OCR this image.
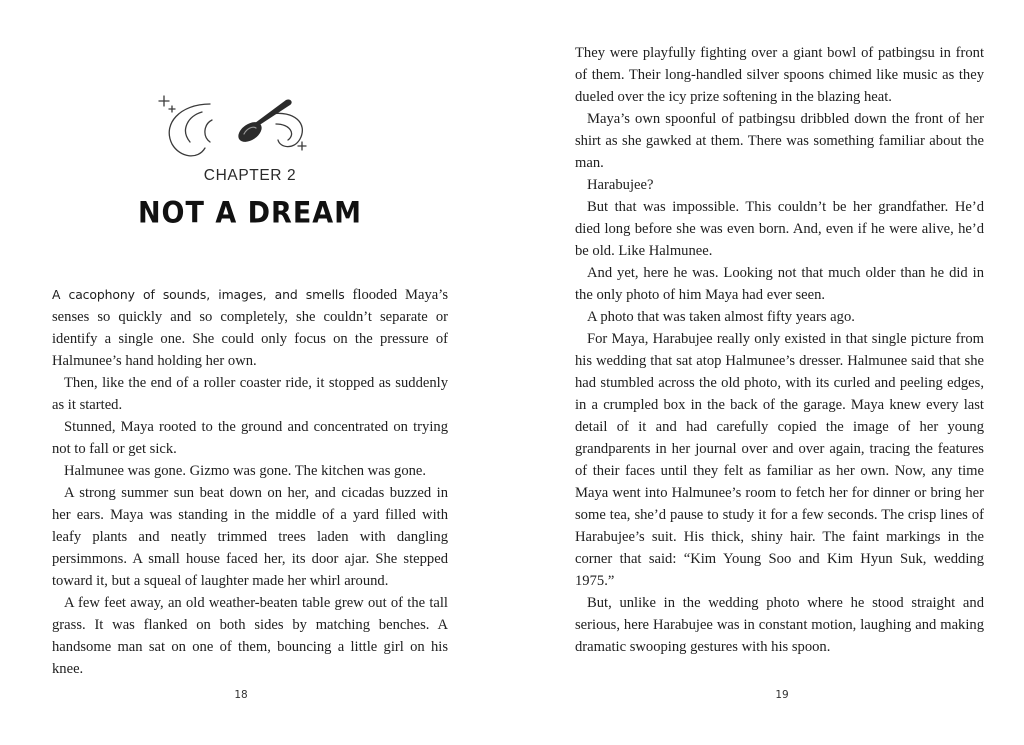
CHAPTER 2
NOT A DREAM

A cacophony of sounds, images, and smells flooded Maya’s senses so quickly and so completely, she couldn’t separate or identify a single one. She could only focus on the pressure of Halmunee’s hand holding her own.

Then, like the end of a roller coaster ride, it stopped as suddenly as it started.

Stunned, Maya rooted to the ground and concentrated on trying not to fall or get sick.

Halmunee was gone. Gizmo was gone. The kitchen was gone.

A strong summer sun beat down on her, and cicadas buzzed in her ears. Maya was standing in the middle of a yard filled with leafy plants and neatly trimmed trees laden with dangling persimmons. A small house faced her, its door ajar. She stepped toward it, but a squeal of laughter made her whirl around.

A few feet away, an old weather-beaten table grew out of the tall grass. It was flanked on both sides by matching benches. A handsome man sat on one of them, bouncing a little girl on his knee.

18

They were playfully fighting over a giant bowl of patbingsu in front of them. Their long-handled silver spoons chimed like music as they dueled over the icy prize softening in the blazing heat.

Maya’s own spoonful of patbingsu dribbled down the front of her shirt as she gawked at them. There was something familiar about the man.

Harabujee?

But that was impossible. This couldn’t be her grandfather. He’d died long before she was even born. And, even if he were alive, he’d be old. Like Halmunee.

And yet, here he was. Looking not that much older than he did in the only photo of him Maya had ever seen.

A photo that was taken almost fifty years ago.

For Maya, Harabujee really only existed in that single picture from his wedding that sat atop Halmunee’s dresser. Halmunee said that she had stumbled across the old photo, with its curled and peeling edges, in a crumpled box in the back of the garage. Maya knew every last detail of it and had carefully copied the image of her young grandparents in her journal over and over again, tracing the features of their faces until they felt as familiar as her own. Now, any time Maya went into Halmunee’s room to fetch her for dinner or bring her some tea, she’d pause to study it for a few seconds. The crisp lines of Harabujee’s suit. His thick, shiny hair. The faint markings in the corner that said: “Kim Young Soo and Kim Hyun Suk, wedding 1975.”

But, unlike in the wedding photo where he stood straight and serious, here Harabujee was in constant motion, laughing and making dramatic swooping gestures with his spoon.

19
